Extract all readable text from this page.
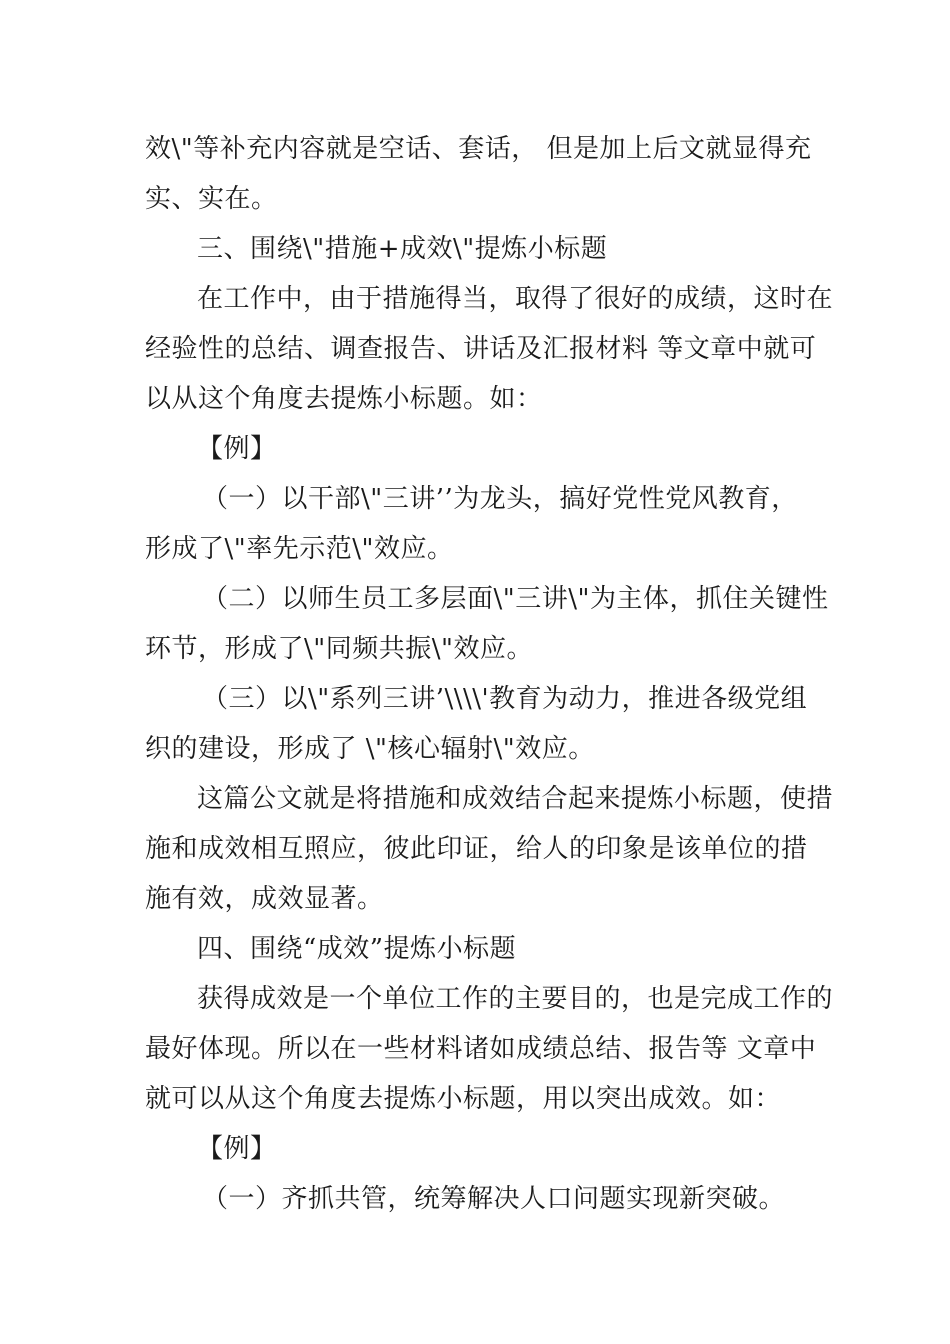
效\"等补充内容就是空话、套话， 但是加上后文就显得充
实、实在。

三、围绕\"措施+成效\"提炼小标题

在工作中，由于措施得当，取得了很好的成绩，这时在
经验性的总结、调查报告、讲话及汇报材料 等文章中就可
以从这个角度去提炼小标题。如：

【例】

（一）以干部\"三讲’’为龙头，搞好党性党风教育，
形成了\"率先示范\"效应。

（二）以师生员工多层面\"三讲\"为主体，抓住关键性
环节，形成了\"同频共振\"效应。

（三）以\"系列三讲’\\\\'教育为动力，推进各级党组
织的建设，形成了 \"核心辐射\"效应。

这篇公文就是将措施和成效结合起来提炼小标题，使措
施和成效相互照应，彼此印证，给人的印象是该单位的措
施有效，成效显著。

四、围绕“成效”提炼小标题

获得成效是一个单位工作的主要目的，也是完成工作的
最好体现。所以在一些材料诸如成绩总结、报告等 文章中
就可以从这个角度去提炼小标题，用以突出成效。如：

【例】

（一）齐抓共管，统筹解决人口问题实现新突破。
